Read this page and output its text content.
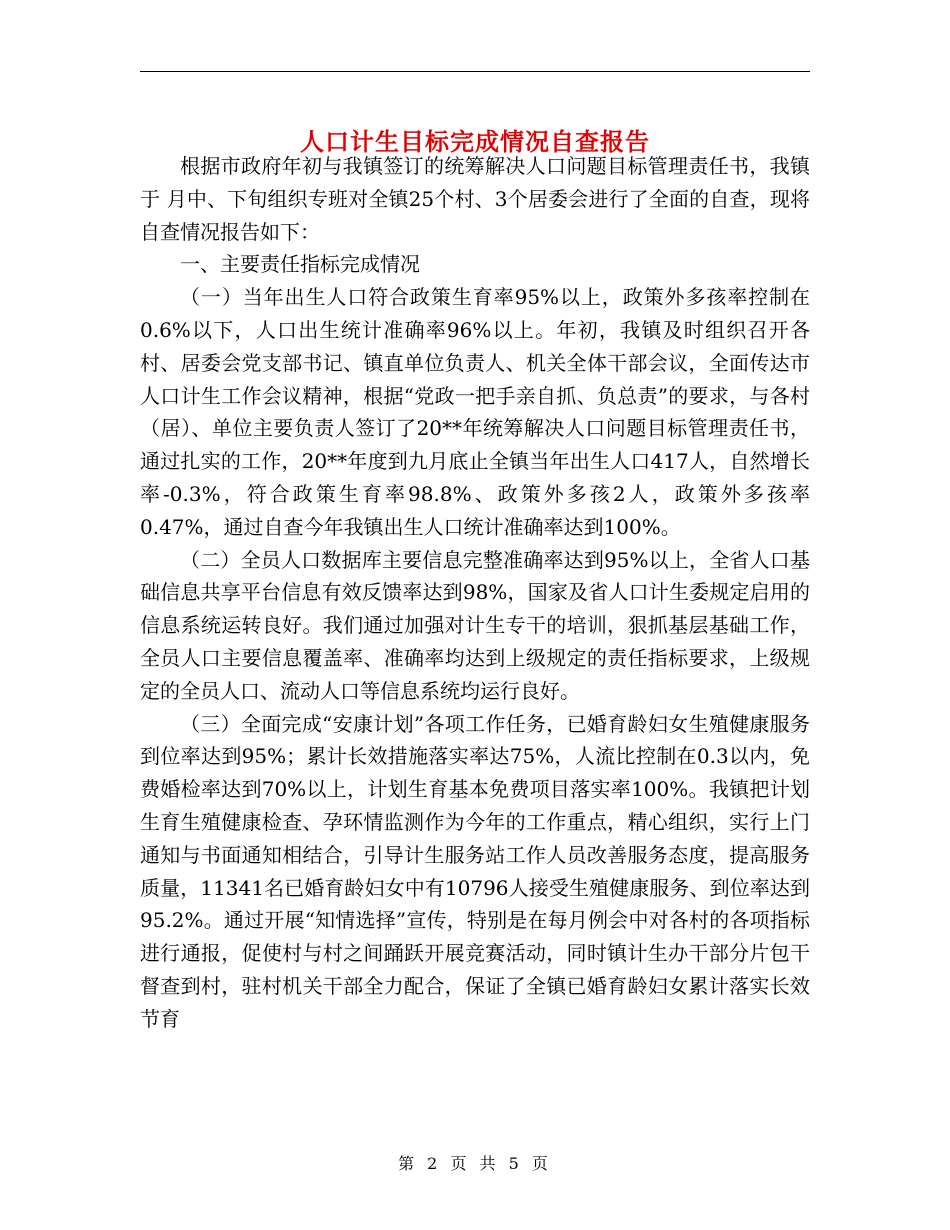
人口计生目标完成情况自查报告

根据市政府年初与我镇签订的统筹解决人口问题目标管理责任书，我镇于 月中、下旬组织专班对全镇25个村、3个居委会进行了全面的自查，现将自查情况报告如下：

一、主要责任指标完成情况

（一）当年出生人口符合政策生育率95%以上，政策外多孩率控制在0.6%以下，人口出生统计准确率96%以上。年初，我镇及时组织召开各村、居委会党支部书记、镇直单位负责人、机关全体干部会议，全面传达市人口计生工作会议精神，根据“党政一把手亲自抓、负总责”的要求，与各村（居）、单位主要负责人签订了20**年统筹解决人口问题目标管理责任书，通过扎实的工作，20**年度到九月底止全镇当年出生人口417人，自然增长率-0.3%，符合政策生育率98.8%、政策外多孩2人，政策外多孩率0.47%，通过自查今年我镇出生人口统计准确率达到100%。

（二）全员人口数据库主要信息完整准确率达到95%以上，全省人口基础信息共享平台信息有效反馈率达到98%，国家及省人口计生委规定启用的信息系统运转良好。我们通过加强对计生专干的培训，狠抓基层基础工作，全员人口主要信息覆盖率、准确率均达到上级规定的责任指标要求，上级规定的全员人口、流动人口等信息系统均运行良好。

（三）全面完成“安康计划”各项工作任务，已婚育龄妇女生殖健康服务到位率达到95%；累计长效措施落实率达75%，人流比控制在0.3以内，免费婚检率达到70%以上，计划生育基本免费项目落实率100%。我镇把计划生育生殖健康检查、孕环情监测作为今年的工作重点，精心组织，实行上门通知与书面通知相结合，引导计生服务站工作人员改善服务态度，提高服务质量，11341名已婚育龄妇女中有10796人接受生殖健康服务、到位率达到95.2%。通过开展“知情选择”宣传，特别是在每月例会中对各村的各项指标进行通报，促使村与村之间踊跃开展竞赛活动，同时镇计生办干部分片包干督查到村，驻村机关干部全力配合，保证了全镇已婚育龄妇女累计落实长效节育

第 2 页 共 5 页
